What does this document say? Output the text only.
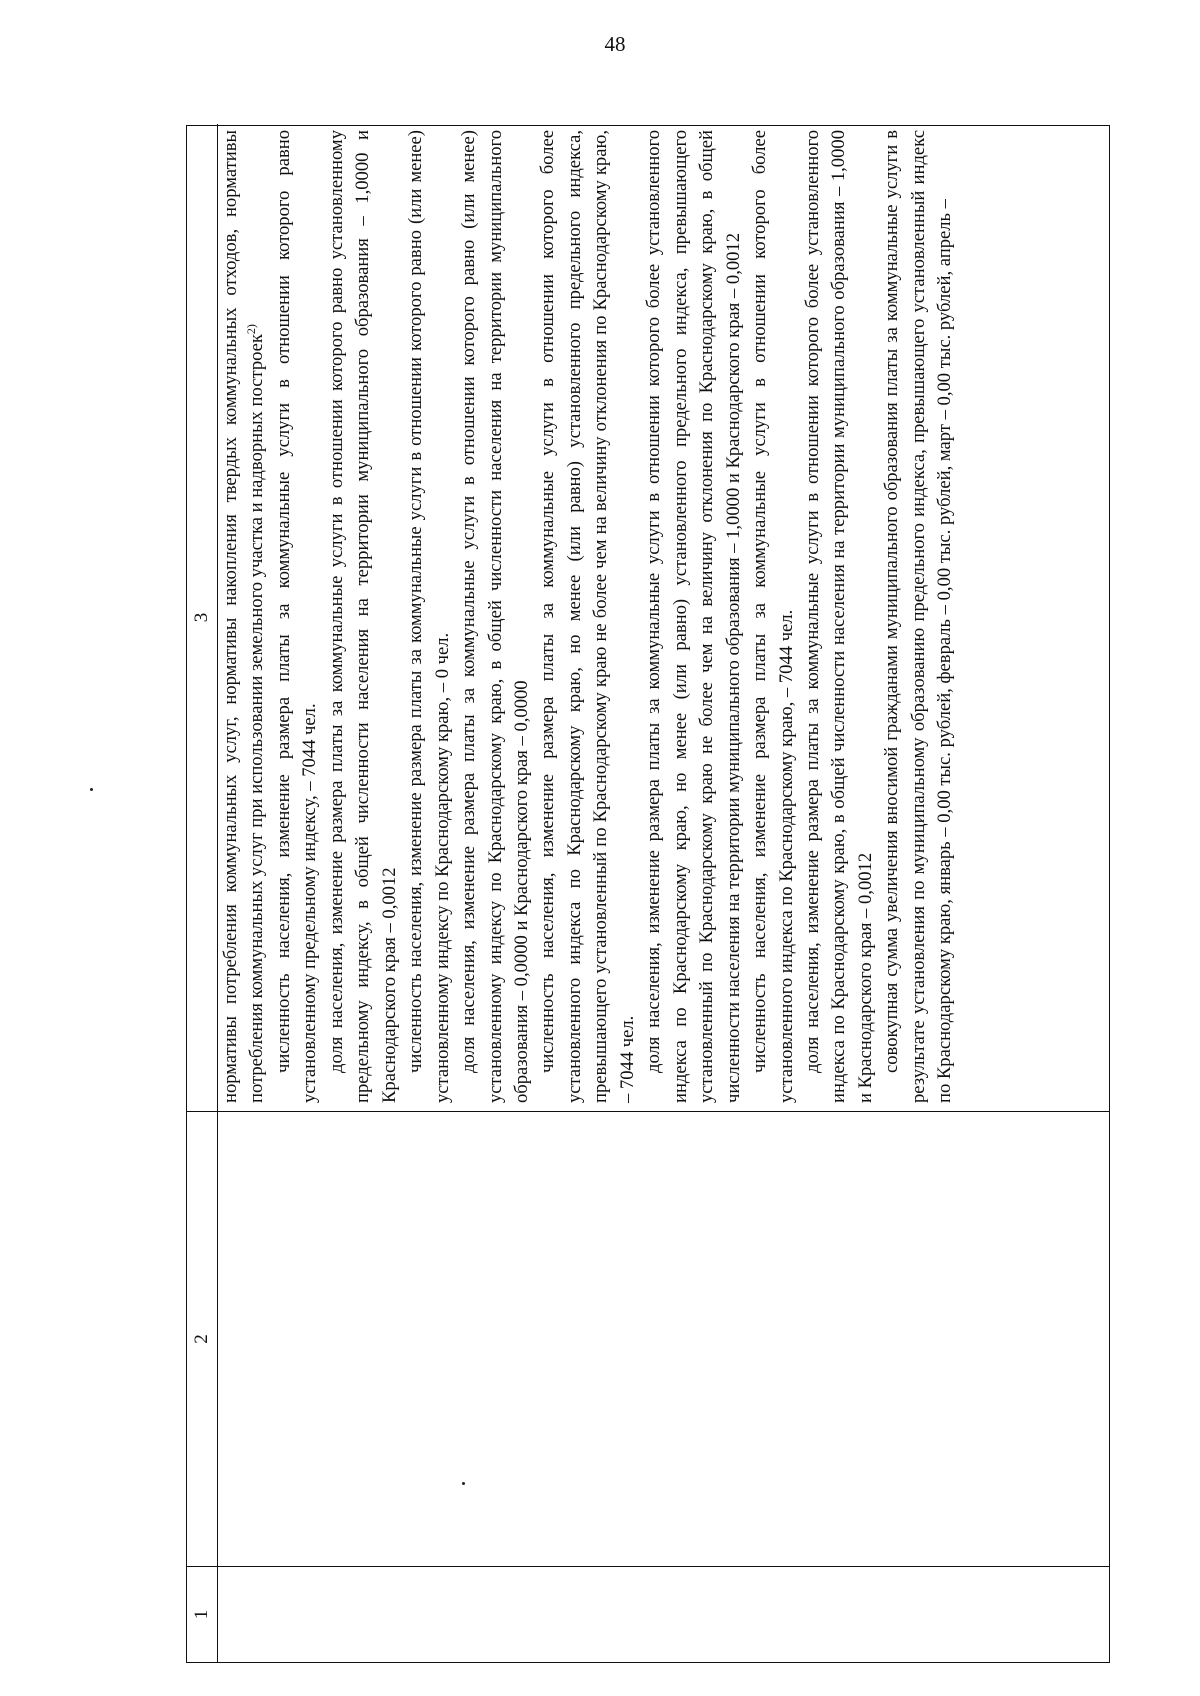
48
1
2
3 нормативы потребления коммунальных услуг, нормативы накопления твердых коммунальных отходов, нормативы потребления коммунальных услуг при использовании земельного участка и надворных построек$^{2)}$ численность населения, изменение размера платы за коммунальные услуги в отношении которого равно установленному предельному индексу, – 7044 чел. доля населения, изменение размера платы за коммунальные услуги в отношении которого равно установленному предельному индексу, в общей численности населения на территории муниципального образования – 1,0000 и Краснодарского края – 0,0012 численность населения, изменение размера платы за коммунальные услуги в отношении которого равно (или менее) установленному индексу по Краснодарскому краю, – 0 чел. доля населения, изменение размера платы за коммунальные услуги в отношении которого равно (или менее) установленному индексу по Краснодарскому краю, в общей численности населения на территории муниципального образования – 0,0000 и Краснодарского края – 0,0000 численность населения, изменение размера платы за коммунальные услуги в отношении которого более установленного индекса по Краснодарскому краю, но менее (или равно) установленного предельного индекса, превышающего установленный по Краснодарскому краю не более чем на величину отклонения по Краснодарскому краю, – 7044 чел. доля населения, изменение размера платы за коммунальные услуги в отношении которого более установленного индекса по Краснодарскому краю, но менее (или равно) установленного предельного индекса, превышающего установленный по Краснодарскому краю не более чем на величину отклонения по Краснодарскому краю, в общей численности населения на территории муниципального образования – 1,0000 и Краснодарского края – 0,0012 численность населения, изменение размера платы за коммунальные услуги в отношении которого более установленного индекса по Краснодарскому краю, – 7044 чел. доля населения, изменение размера платы за коммунальные услуги в отношении которого более установленного индекса по Краснодарскому краю, в общей численности населения на территории муниципального образования – 1,0000 и Краснодарского края – 0,0012 совокупная сумма увеличения вносимой гражданами муниципального образования платы за коммунальные услуги в результате установления по муниципальному образованию предельного индекса, превышающего установленный индекс по Краснодарскому краю, январь – 0,00 тыс. рублей, февраль – 0,00 тыс. рублей, март – 0,00 тыс. рублей, апрель –
